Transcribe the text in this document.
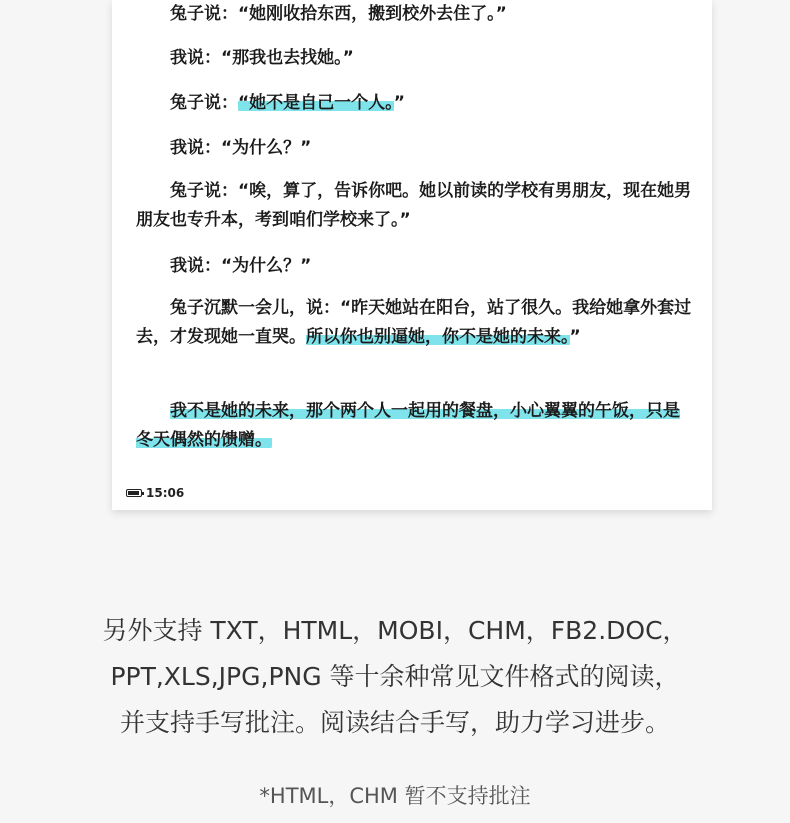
兔子说：“她刚收拾东西，搬到校外去住了。”

我说：“那我也去找她。”

兔子说：“她不是自己一个人。”

我说：“为什么？”

兔子说：“唉，算了，告诉你吧。她以前读的学校有男朋友，现在她男朋友也专升本，考到咱们学校来了。”

我说：“为什么？”

兔子沉默一会儿，说：“昨天她站在阳台，站了很久。我给她拿外套过去，才发现她一直哭。所以你也别逼她，你不是她的未来。”

我不是她的未来，那个两个人一起用的餐盘，小心翼翼的午饭，只是冬天偶然的馈赠。

15:06

另外支持 TXT，HTML，MOBI，CHM，FB2.DOC，

PPT,XLS,JPG,PNG 等十余种常见文件格式的阅读，

并支持手写批注。阅读结合手写，助力学习进步。

*HTML，CHM 暂不支持批注
